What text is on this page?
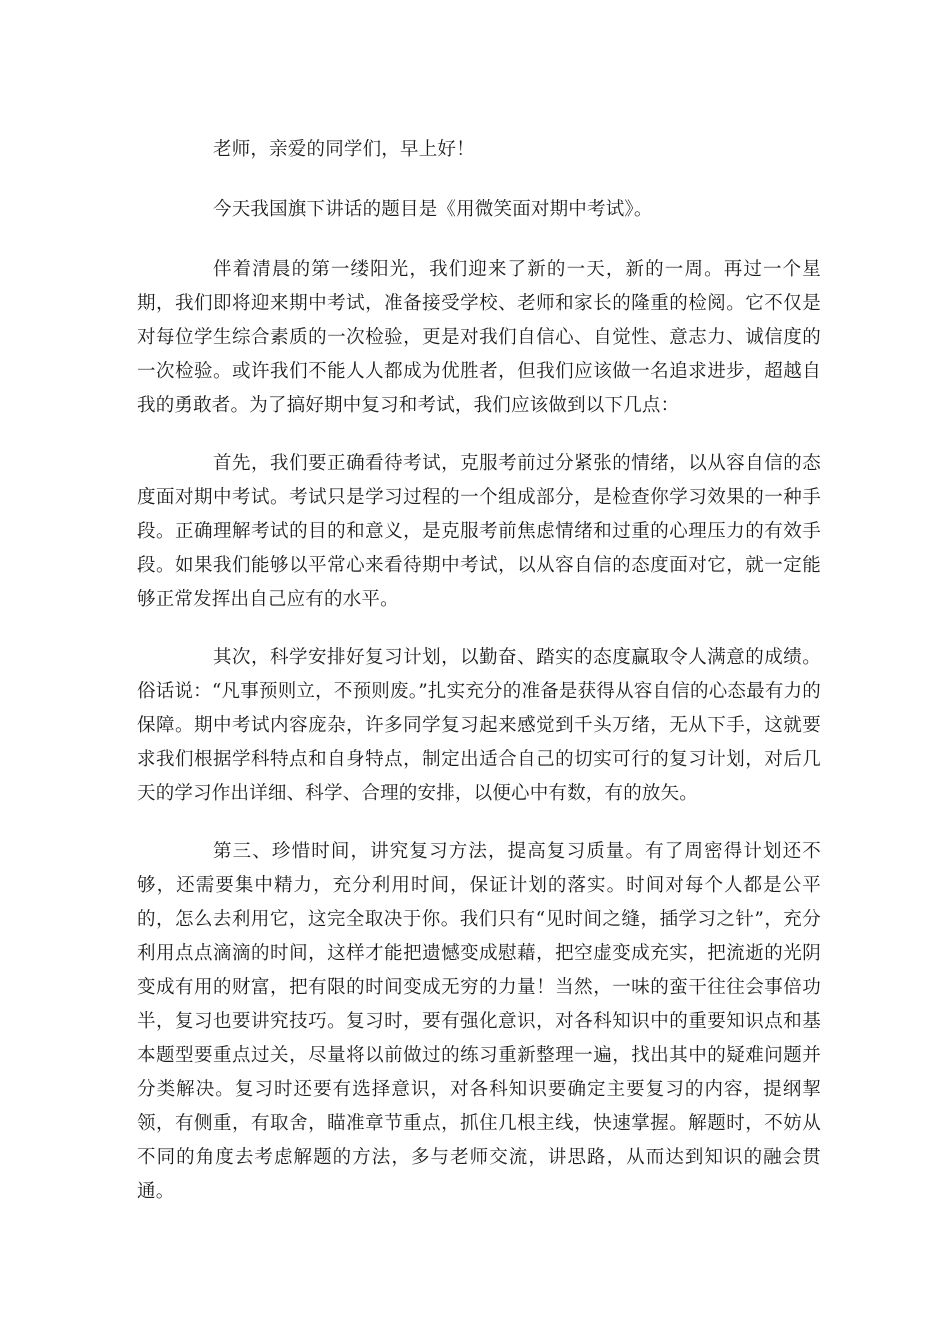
老师，亲爱的同学们，早上好！

今天我国旗下讲话的题目是《用微笑面对期中考试》。

伴着清晨的第一缕阳光，我们迎来了新的一天，新的一周。再过一个星期，我们即将迎来期中考试，准备接受学校、老师和家长的隆重的检阅。它不仅是对每位学生综合素质的一次检验，更是对我们自信心、自觉性、意志力、诚信度的一次检验。或许我们不能人人都成为优胜者，但我们应该做一名追求进步，超越自我的勇敢者。为了搞好期中复习和考试，我们应该做到以下几点：

首先，我们要正确看待考试，克服考前过分紧张的情绪，以从容自信的态度面对期中考试。考试只是学习过程的一个组成部分，是检查你学习效果的一种手段。正确理解考试的目的和意义，是克服考前焦虑情绪和过重的心理压力的有效手段。如果我们能够以平常心来看待期中考试，以从容自信的态度面对它，就一定能够正常发挥出自己应有的水平。

其次，科学安排好复习计划，以勤奋、踏实的态度赢取令人满意的成绩。俗话说：“凡事预则立，不预则废。”扎实充分的准备是获得从容自信的心态最有力的保障。期中考试内容庞杂，许多同学复习起来感觉到千头万绪，无从下手，这就要求我们根据学科特点和自身特点，制定出适合自己的切实可行的复习计划，对后几天的学习作出详细、科学、合理的安排，以便心中有数，有的放矢。

第三、珍惜时间，讲究复习方法，提高复习质量。有了周密得计划还不够，还需要集中精力，充分利用时间，保证计划的落实。时间对每个人都是公平的，怎么去利用它，这完全取决于你。我们只有“见时间之缝，插学习之针”，充分利用点点滴滴的时间，这样才能把遗憾变成慰藉，把空虚变成充实，把流逝的光阴变成有用的财富，把有限的时间变成无穷的力量！当然，一味的蛮干往往会事倍功半，复习也要讲究技巧。复习时，要有强化意识，对各科知识中的重要知识点和基本题型要重点过关，尽量将以前做过的练习重新整理一遍，找出其中的疑难问题并分类解决。复习时还要有选择意识，对各科知识要确定主要复习的内容，提纲挈领，有侧重，有取舍，瞄准章节重点，抓住几根主线，快速掌握。解题时，不妨从不同的角度去考虑解题的方法，多与老师交流，讲思路，从而达到知识的融会贯通。
